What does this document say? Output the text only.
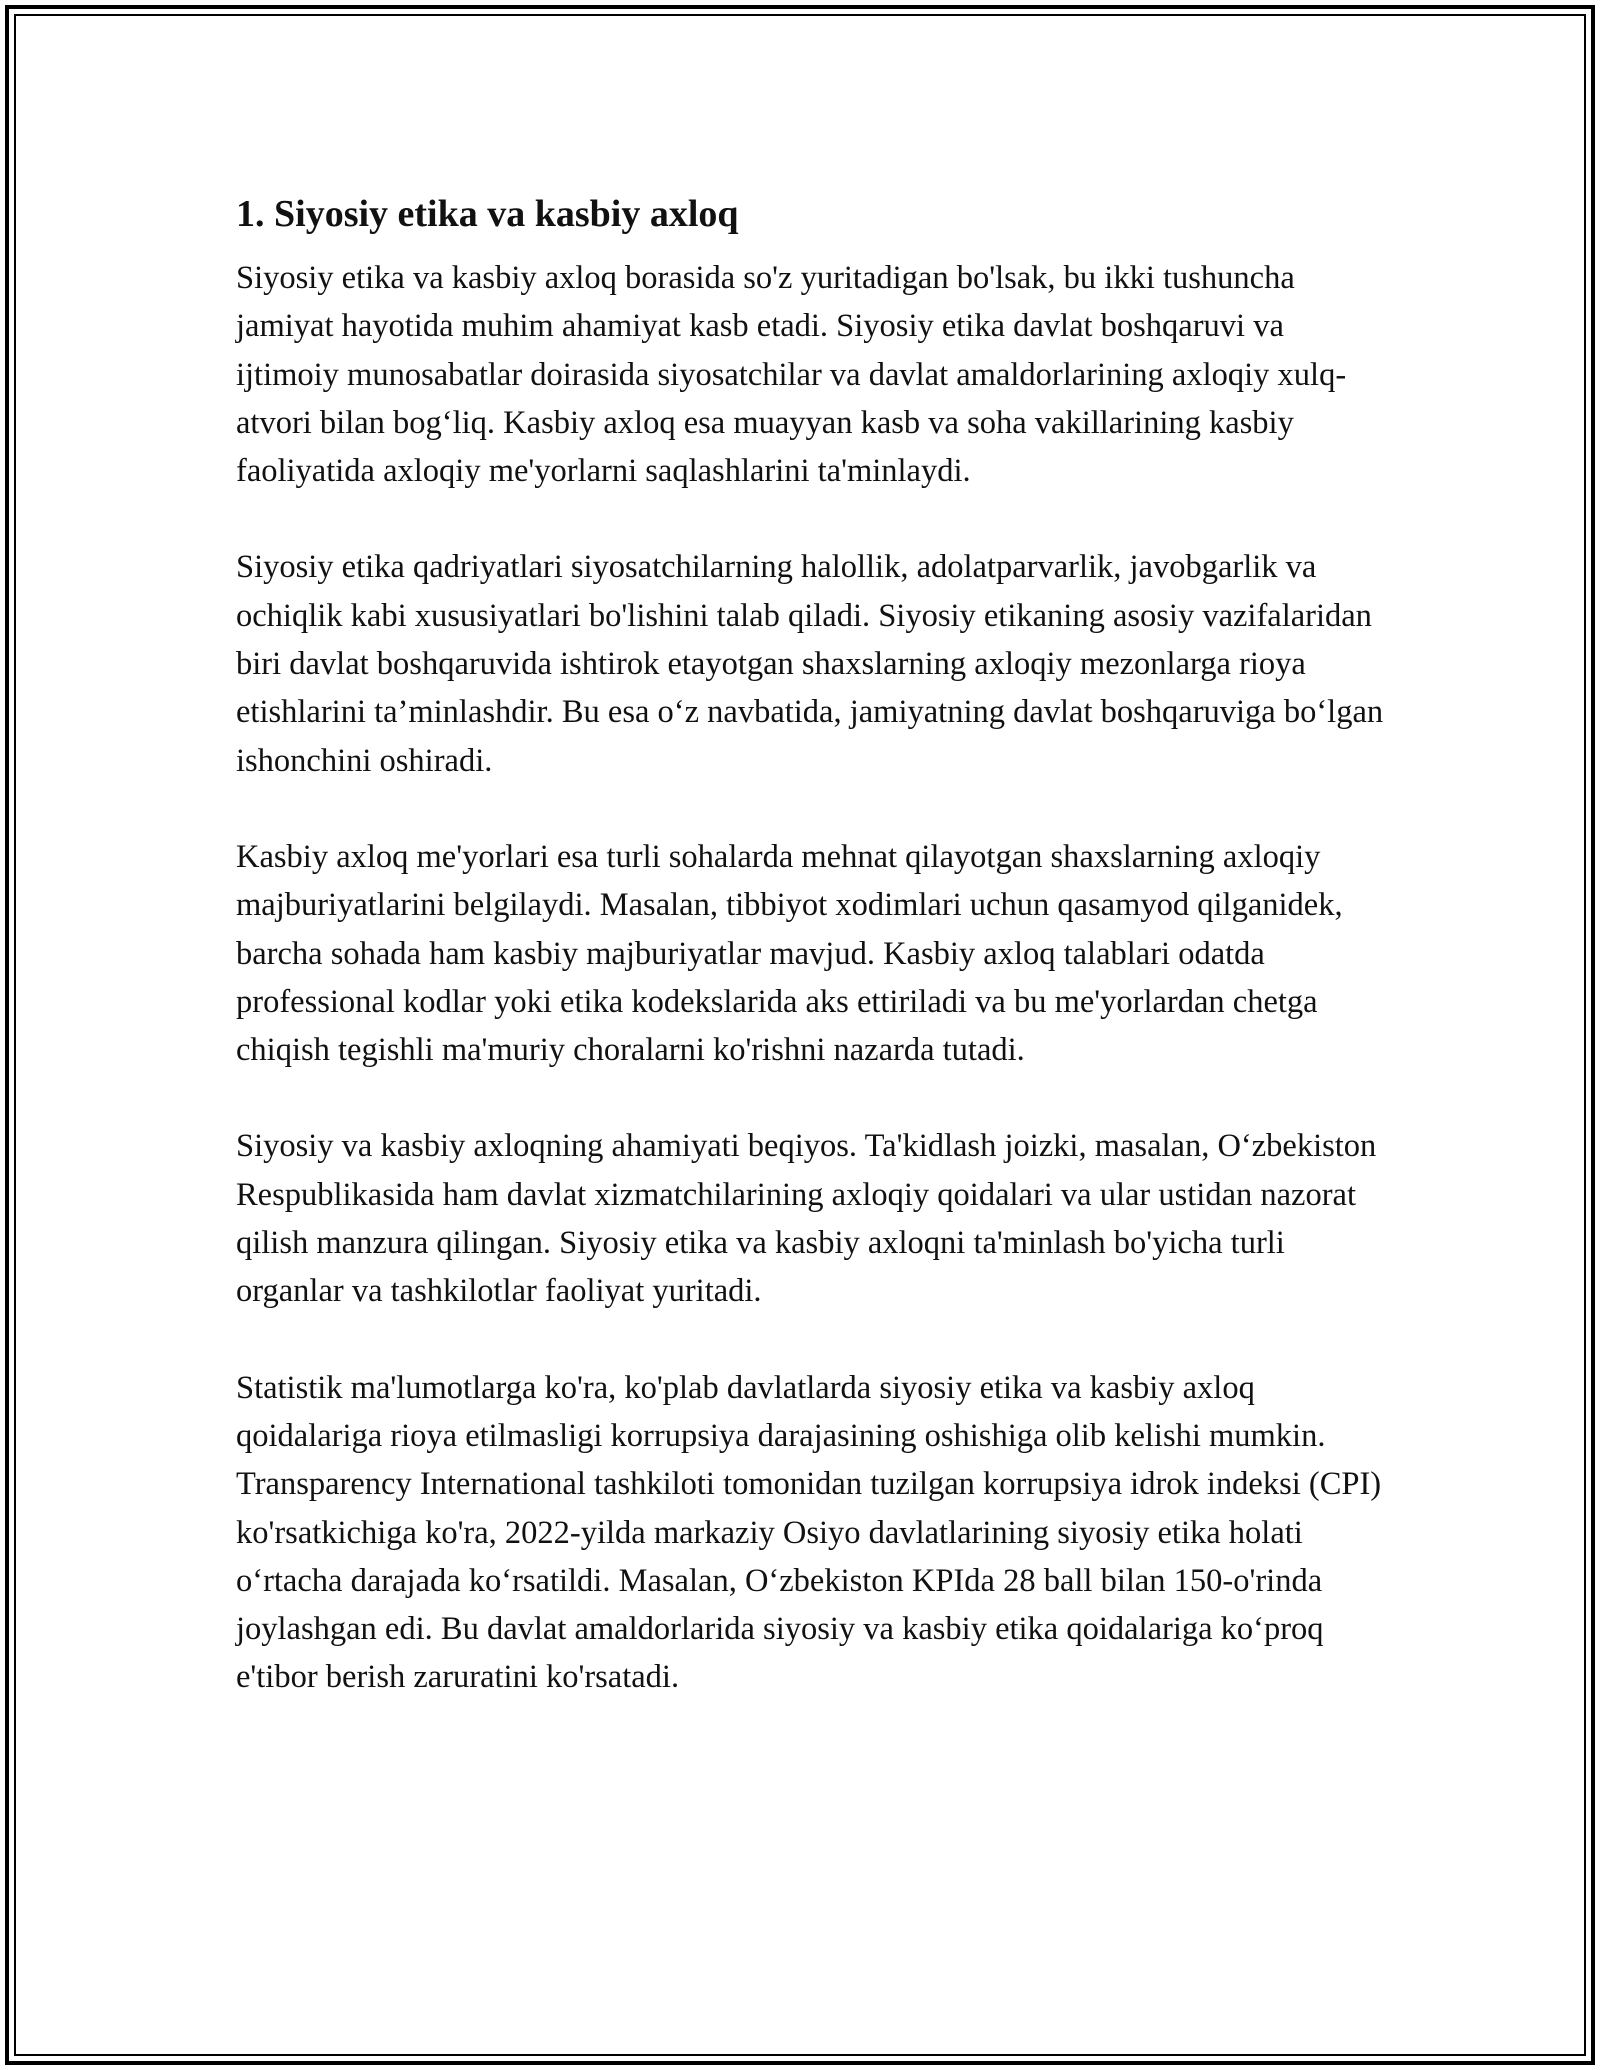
1. Siyosiy etika va kasbiy axloq

Siyosiy etika va kasbiy axloq borasida so'z yuritadigan bo'lsak, bu ikki tushuncha jamiyat hayotida muhim ahamiyat kasb etadi. Siyosiy etika davlat boshqaruvi va ijtimoiy munosabatlar doirasida siyosatchilar va davlat amaldorlarining axloqiy xulq-atvori bilan bog‘liq. Kasbiy axloq esa muayyan kasb va soha vakillarining kasbiy faoliyatida axloqiy me'yorlarni saqlashlarini ta'minlaydi.

Siyosiy etika qadriyatlari siyosatchilarning halollik, adolatparvarlik, javobgarlik va ochiqlik kabi xususiyatlari bo'lishini talab qiladi. Siyosiy etikaning asosiy vazifalaridan biri davlat boshqaruvida ishtirok etayotgan shaxslarning axloqiy mezonlarga rioya etishlarini ta’minlashdir. Bu esa o‘z navbatida, jamiyatning davlat boshqaruviga bo‘lgan ishonchini oshiradi.

Kasbiy axloq me'yorlari esa turli sohalarda mehnat qilayotgan shaxslarning axloqiy majburiyatlarini belgilaydi. Masalan, tibbiyot xodimlari uchun qasamyod qilganidek, barcha sohada ham kasbiy majburiyatlar mavjud. Kasbiy axloq talablari odatda professional kodlar yoki etika kodekslarida aks ettiriladi va bu me'yorlardan chetga chiqish tegishli ma'muriy choralarni ko'rishni nazarda tutadi.

Siyosiy va kasbiy axloqning ahamiyati beqiyos. Ta'kidlash joizki, masalan, O‘zbekiston Respublikasida ham davlat xizmatchilarining axloqiy qoidalari va ular ustidan nazorat qilish manzura qilingan. Siyosiy etika va kasbiy axloqni ta'minlash bo'yicha turli organlar va tashkilotlar faoliyat yuritadi.

Statistik ma'lumotlarga ko'ra, ko'plab davlatlarda siyosiy etika va kasbiy axloq qoidalariga rioya etilmasligi korrupsiya darajasining oshishiga olib kelishi mumkin. Transparency International tashkiloti tomonidan tuzilgan korrupsiya idrok indeksi (CPI) ko'rsatkichiga ko'ra, 2022-yilda markaziy Osiyo davlatlarining siyosiy etika holati o‘rtacha darajada ko‘rsatildi. Masalan, O‘zbekiston KPIda 28 ball bilan 150-o'rinda joylashgan edi. Bu davlat amaldorlarida siyosiy va kasbiy etika qoidalariga ko‘proq e'tibor berish zaruratini ko'rsatadi.
